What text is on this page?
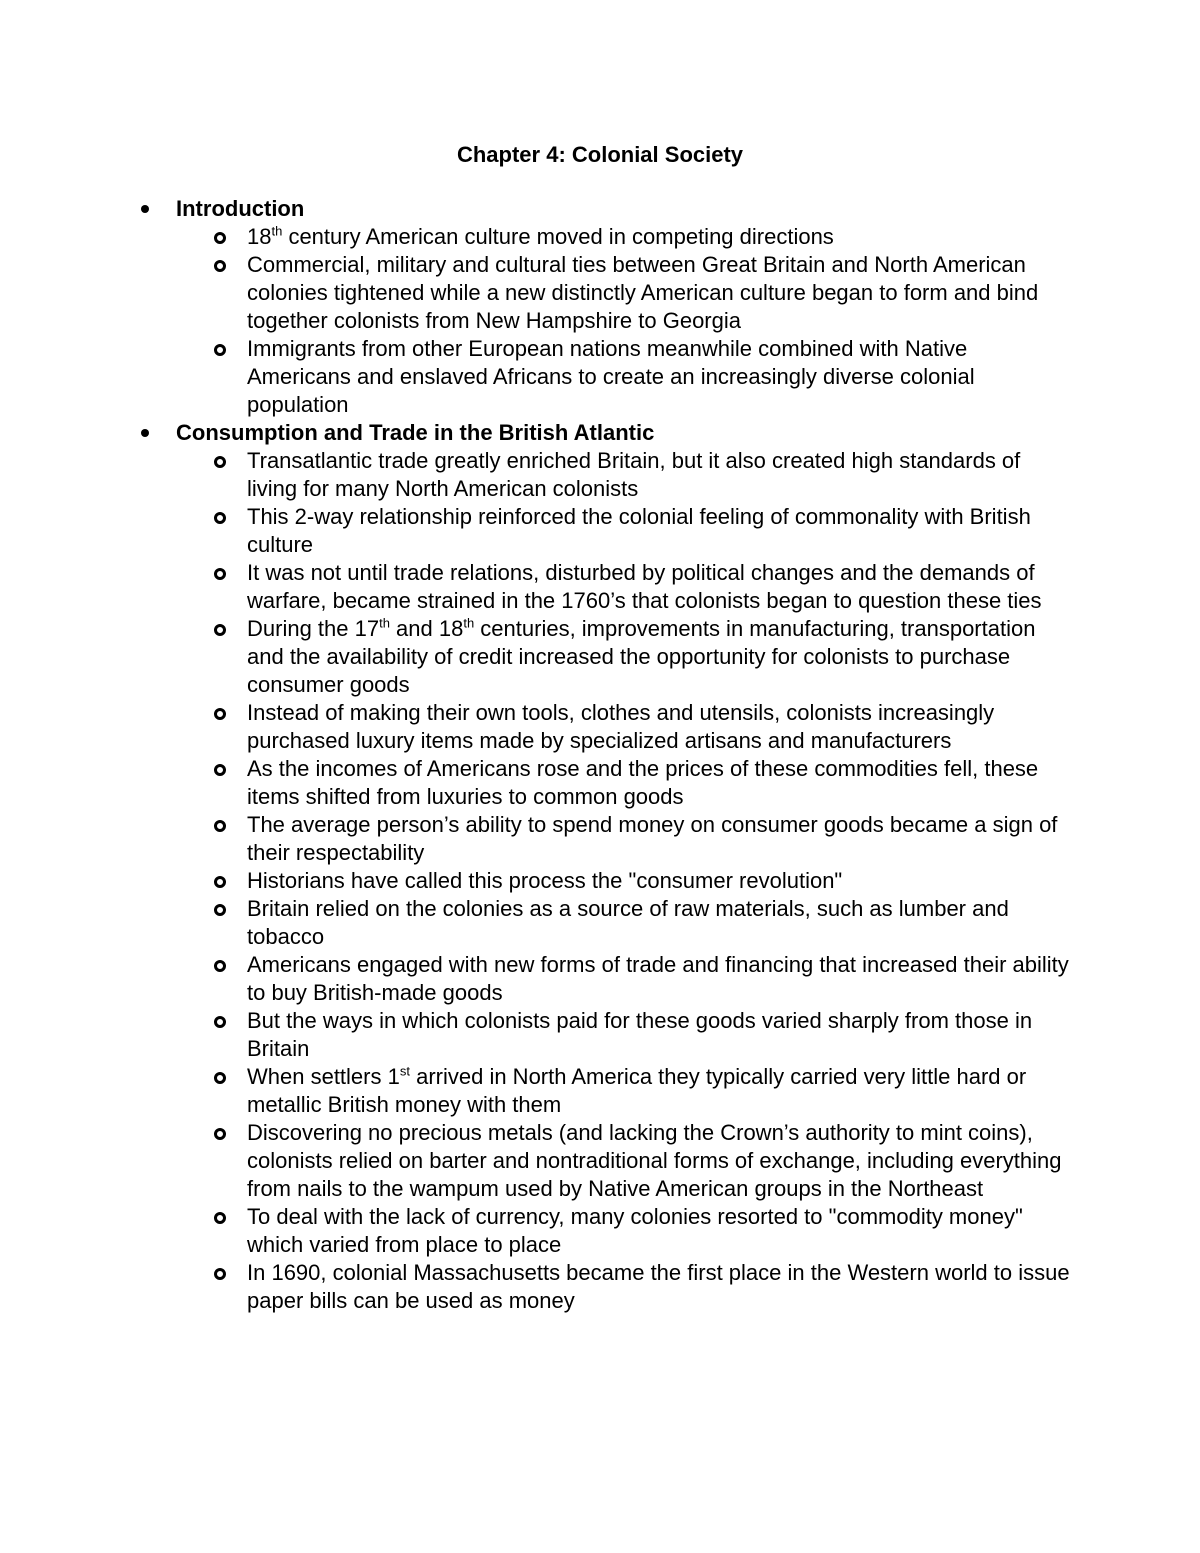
Chapter 4: Colonial Society
Introduction
18th century American culture moved in competing directions
Commercial, military and cultural ties between Great Britain and North American colonies tightened while a new distinctly American culture began to form and bind together colonists from New Hampshire to Georgia
Immigrants from other European nations meanwhile combined with Native Americans and enslaved Africans to create an increasingly diverse colonial population
Consumption and Trade in the British Atlantic
Transatlantic trade greatly enriched Britain, but it also created high standards of living for many North American colonists
This 2-way relationship reinforced the colonial feeling of commonality with British culture
It was not until trade relations, disturbed by political changes and the demands of warfare, became strained in the 1760’s that colonists began to question these ties
During the 17th and 18th centuries, improvements in manufacturing, transportation and the availability of credit increased the opportunity for colonists to purchase consumer goods
Instead of making their own tools, clothes and utensils, colonists increasingly purchased luxury items made by specialized artisans and manufacturers
As the incomes of Americans rose and the prices of these commodities fell, these items shifted from luxuries to common goods
The average person’s ability to spend money on consumer goods became a sign of their respectability
Historians have called this process the "consumer revolution"
Britain relied on the colonies as a source of raw materials, such as lumber and tobacco
Americans engaged with new forms of trade and financing that increased their ability to buy British-made goods
But the ways in which colonists paid for these goods varied sharply from those in Britain
When settlers 1st arrived in North America they typically carried very little hard or metallic British money with them
Discovering no precious metals (and lacking the Crown’s authority to mint coins), colonists relied on barter and nontraditional forms of exchange, including everything from nails to the wampum used by Native American groups in the Northeast
To deal with the lack of currency, many colonies resorted to "commodity money" which varied from place to place
In 1690, colonial Massachusetts became the first place in the Western world to issue paper bills can be used as money
